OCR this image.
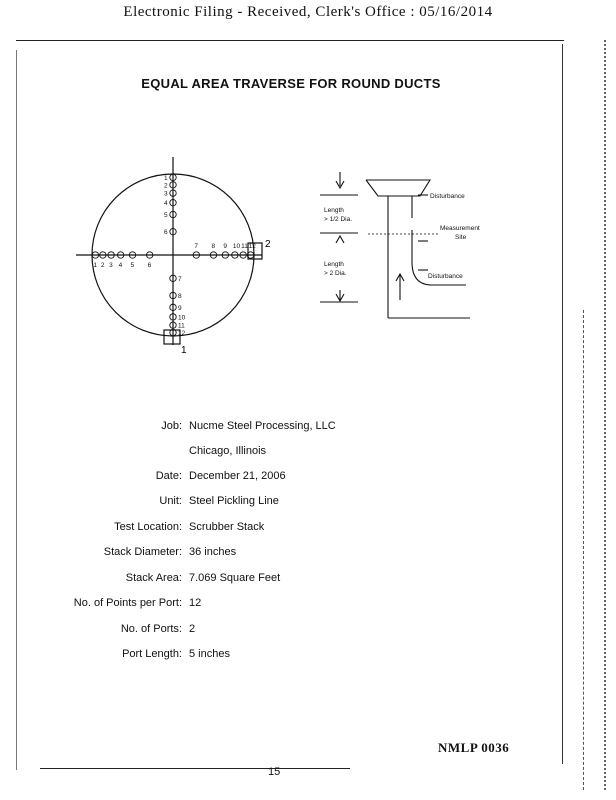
Electronic Filing - Received, Clerk's Office : 05/16/2014
EQUAL AREA TRAVERSE FOR ROUND DUCTS
1
2
3
4
5
6
7
8
9
10
11
12
1 2 3 4 5 6
7 8 9 10 11 12 2
1
Length
> 1/2 Dia.
Length
> 2 Dia.
Disturbance
Measurement
Site
Disturbance
Job: Nucme Steel Processing, LLC
Chicago, Illinois
Date: December 21, 2006
Unit: Steel Pickling Line
Test Location: Scrubber Stack
Stack Diameter: 36 inches
Stack Area: 7.069 Square Feet
No. of Points per Port: 12
No. of Ports: 2
Port Length: 5 inches
NMLP 0036
15
